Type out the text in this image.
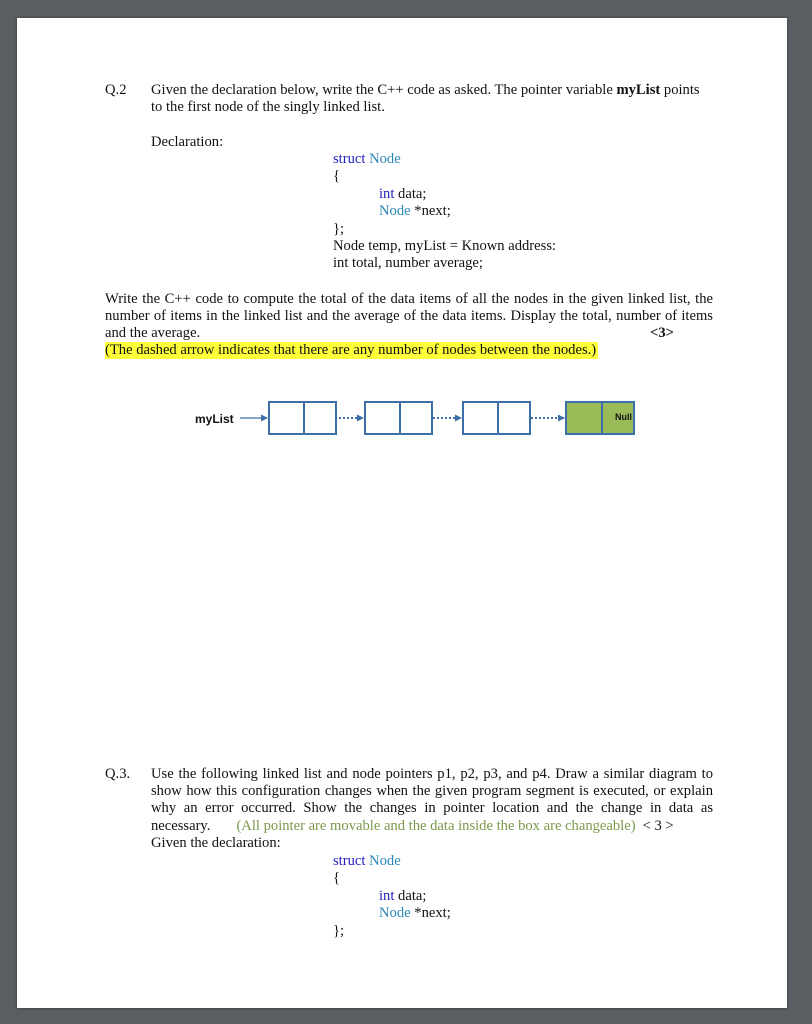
Q.2 Given the declaration below, write the C++ code as asked. The pointer variable myList points
to the first node of the singly linked list.
Declaration:
struct Node
{
int data;
Node *next;
};
Node temp, myList = Known address:
int total, number average;
Write the C++ code to compute the total of the data items of all the nodes in the given linked list, the
number of items in the linked list and the average of the data items. Display the total, number of items
and the average.	<3>
(The dashed arrow indicates that there are any number of nodes between the nodes.)
myList	Null
Q.3. Use the following linked list and node pointers p1, p2, p3, and p4. Draw a similar diagram to
show how this configuration changes when the given program segment is executed, or explain
why an error occurred. Show the changes in pointer location and the change in data as
necessary. (All pointer are movable and the data inside the box are changeable) < 3 >
Given the declaration:
struct Node
{
int data;
Node *next;
};
